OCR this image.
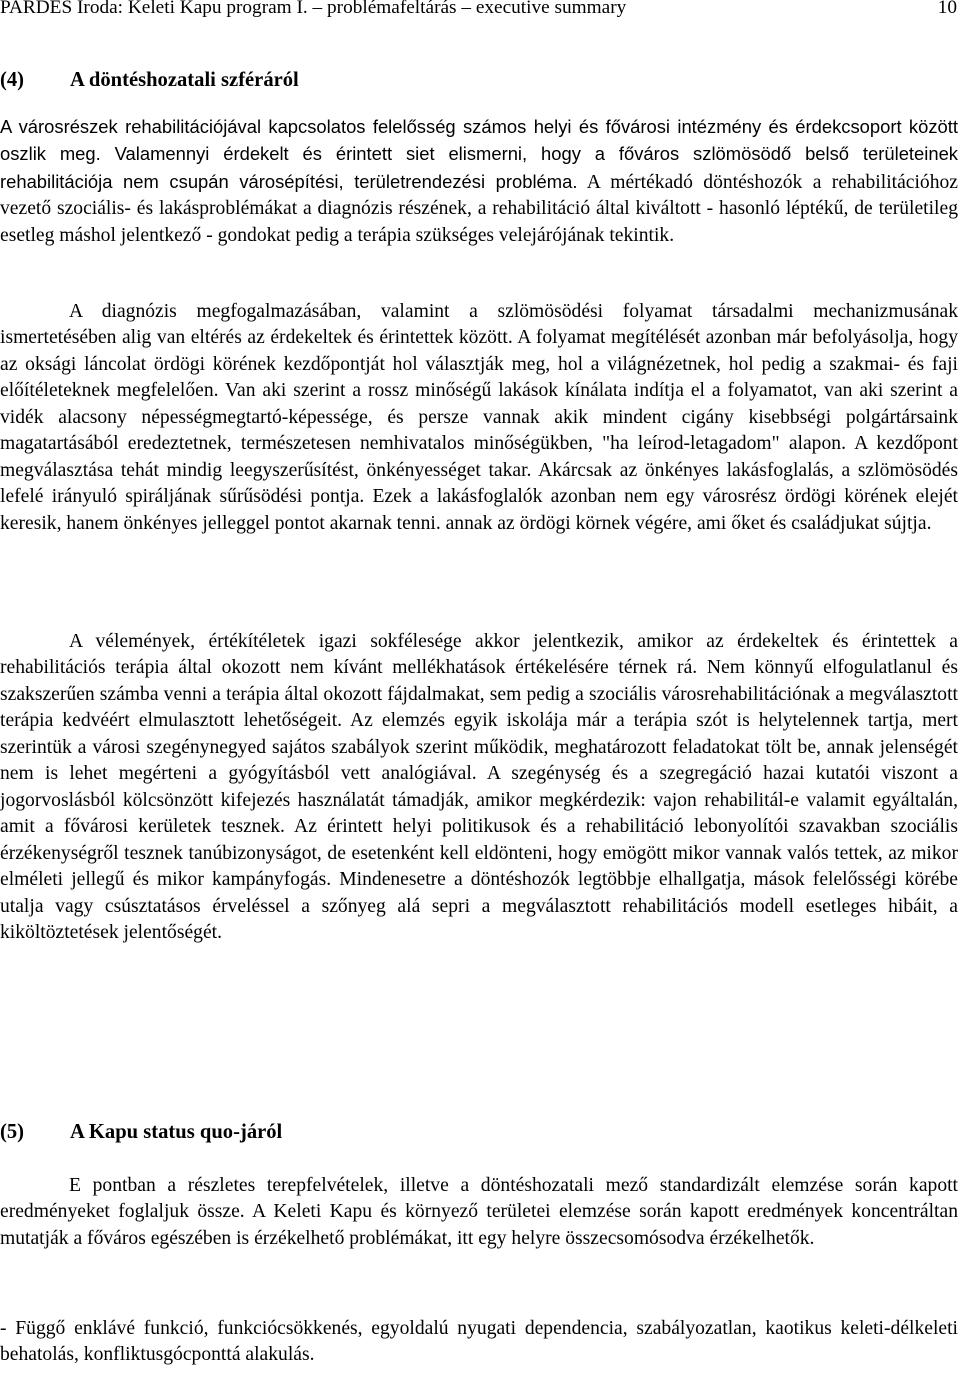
PARDES Iroda: Keleti Kapu program I. – problémafeltárás – executive summary	10
(4) A döntéshozatali szféráról

A városrészek rehabilitációjával kapcsolatos felelősség számos helyi és fővárosi intézmény és érdekcsoport között oszlik meg. Valamennyi érdekelt és érintett siet elismerni, hogy a főváros szlömösödő belső területeinek rehabilitációja nem csupán városépítési, területrendezési probléma. A mértékadó döntéshozók a rehabilitációhoz vezető szociális- és lakásproblémákat a diagnózis részének, a rehabilitáció által kiváltott - hasonló léptékű, de területileg esetleg máshol jelentkező - gondokat pedig a terápia szükséges velejárójának tekintik.

A diagnózis megfogalmazásában, valamint a szlömösödési folyamat társadalmi mechanizmusának ismertetésében alig van eltérés az érdekeltek és érintettek között. A folyamat megítélését azonban már befolyásolja, hogy az oksági láncolat ördögi körének kezdőpontját hol választják meg, hol a világnézetnek, hol pedig a szakmai- és faji előítéleteknek megfelelően. Van aki szerint a rossz minőségű lakások kínálata indítja el a folyamatot, van aki szerint a vidék alacsony népességmegtartó-képessége, és persze vannak akik mindent cigány kisebbségi polgártársaink magatartásából eredeztetnek, természetesen nemhivatalos minőségükben, "ha leírod-letagadom" alapon. A kezdőpont megválasztása tehát mindig leegyszerűsítést, önkényességet takar. Akárcsak az önkényes lakásfoglalás, a szlömösödés lefelé irányuló spiráljának sűrűsödési pontja. Ezek a lakásfoglalók azonban nem egy városrész ördögi körének elejét keresik, hanem önkényes jelleggel pontot akarnak tenni. annak az ördögi körnek végére, ami őket és családjukat sújtja.

A vélemények, értékítéletek igazi sokfélesége akkor jelentkezik, amikor az érdekeltek és érintettek a rehabilitációs terápia által okozott nem kívánt mellékhatások értékelésére térnek rá. Nem könnyű elfogulatlanul és szakszerűen számba venni a terápia által okozott fájdalmakat, sem pedig a szociális városrehabilitációnak a megválasztott terápia kedvéért elmulasztott lehetőségeit. Az elemzés egyik iskolája már a terápia szót is helytelennek tartja, mert szerintük a városi szegénynegyed sajátos szabályok szerint működik, meghatározott feladatokat tölt be, annak jelenségét nem is lehet megérteni a gyógyításból vett analógiával. A szegénység és a szegregáció hazai kutatói viszont a jogorvoslásból kölcsönzött kifejezés használatát támadják, amikor megkérdezik: vajon rehabilitál-e valamit egyáltalán, amit a fővárosi kerületek tesznek. Az érintett helyi politikusok és a rehabilitáció lebonyolítói szavakban szociális érzékenységről tesznek tanúbizonyságot, de esetenként kell eldönteni, hogy emögött mikor vannak valós tettek, az mikor elméleti jellegű és mikor kampányfogás. Mindenesetre a döntéshozók legtöbbje elhallgatja, mások felelősségi körébe utalja vagy csúsztatásos érveléssel a szőnyeg alá sepri a megválasztott rehabilitációs modell esetleges hibáit, a kiköltöztetések jelentőségét.

(5) A Kapu status quo-járól

E pontban a részletes terepfelvételek, illetve a döntéshozatali mező standardizált elemzése során kapott eredményeket foglaljuk össze. A Keleti Kapu és környező területei elemzése során kapott eredmények koncentráltan mutatják a főváros egészében is érzékelhető problémákat, itt egy helyre összecsomósodva érzékelhetők.

- Függő enklávé funkció, funkciócsökkenés, egyoldalú nyugati dependencia, szabályozatlan, kaotikus keleti-délkeleti behatolás, konfliktusgócponttá alakulás.
